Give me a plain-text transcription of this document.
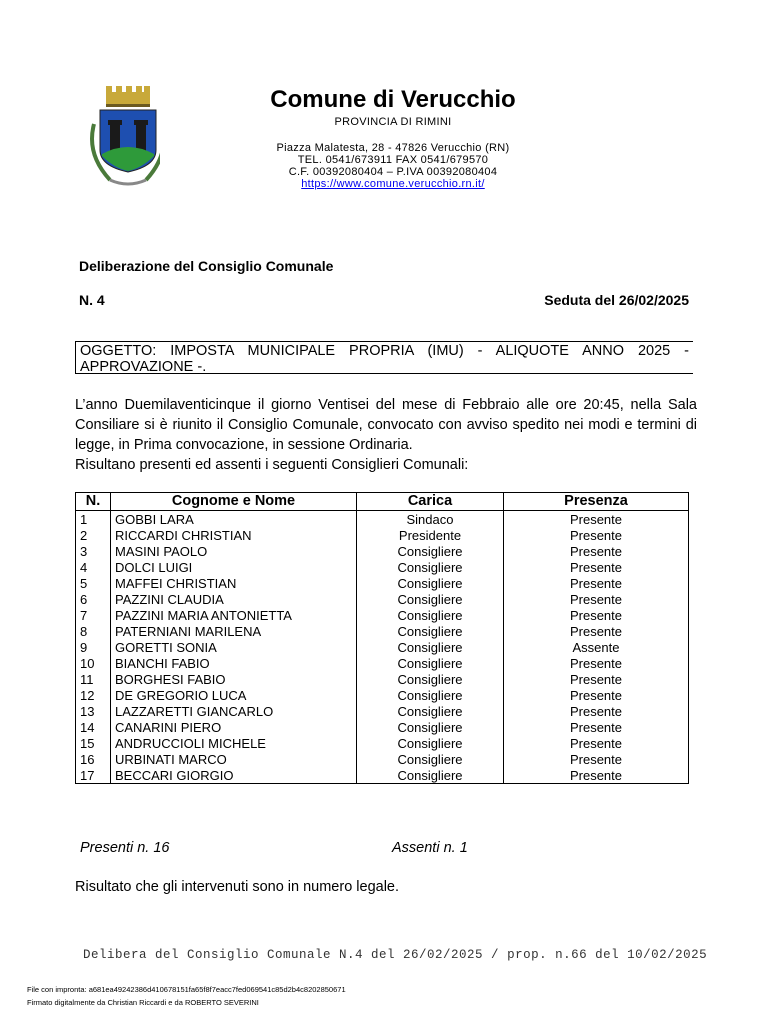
Comune di Verucchio
PROVINCIA DI RIMINI
Piazza Malatesta, 28 - 47826 Verucchio (RN)
TEL. 0541/673911 FAX 0541/679570
C.F. 00392080404 – P.IVA 00392080404
https://www.comune.verucchio.rn.it/
Deliberazione del Consiglio Comunale
N. 4	Seduta del 26/02/2025
OGGETTO: IMPOSTA MUNICIPALE PROPRIA (IMU) - ALIQUOTE ANNO 2025 - APPROVAZIONE -.

L’anno Duemilaventicinque il giorno Ventisei del mese di Febbraio alle ore 20:45, nella Sala Consiliare si è riunito il Consiglio Comunale, convocato con avviso spedito nei modi e termini di legge, in Prima convocazione, in sessione Ordinaria.

Risultano presenti ed assenti i seguenti Consiglieri Comunali:

N.	Cognome e Nome	Carica	Presenza
1	GOBBI LARA	Sindaco	Presente
2	RICCARDI CHRISTIAN	Presidente	Presente
3	MASINI PAOLO	Consigliere	Presente
4	DOLCI LUIGI	Consigliere	Presente
5	MAFFEI CHRISTIAN	Consigliere	Presente
6	PAZZINI CLAUDIA	Consigliere	Presente
7	PAZZINI MARIA ANTONIETTA	Consigliere	Presente
8	PATERNIANI MARILENA	Consigliere	Presente
9	GORETTI SONIA	Consigliere	Assente
10	BIANCHI FABIO	Consigliere	Presente
11	BORGHESI FABIO	Consigliere	Presente
12	DE GREGORIO LUCA	Consigliere	Presente
13	LAZZARETTI GIANCARLO	Consigliere	Presente
14	CANARINI PIERO	Consigliere	Presente
15	ANDRUCCIOLI MICHELE	Consigliere	Presente
16	URBINATI MARCO	Consigliere	Presente
17	BECCARI GIORGIO	Consigliere	Presente
Presenti n. 16	Assenti n. 1
Risultato che gli intervenuti sono in numero legale.
Delibera del Consiglio Comunale N.4 del 26/02/2025 / prop. n.66 del 10/02/2025
File con impronta: a681ea49242386d410678151fa65f8f7eacc7fed069541c85d2b4c8202850671
Firmato digitalmente da Christian Riccardi e da ROBERTO SEVERINI
